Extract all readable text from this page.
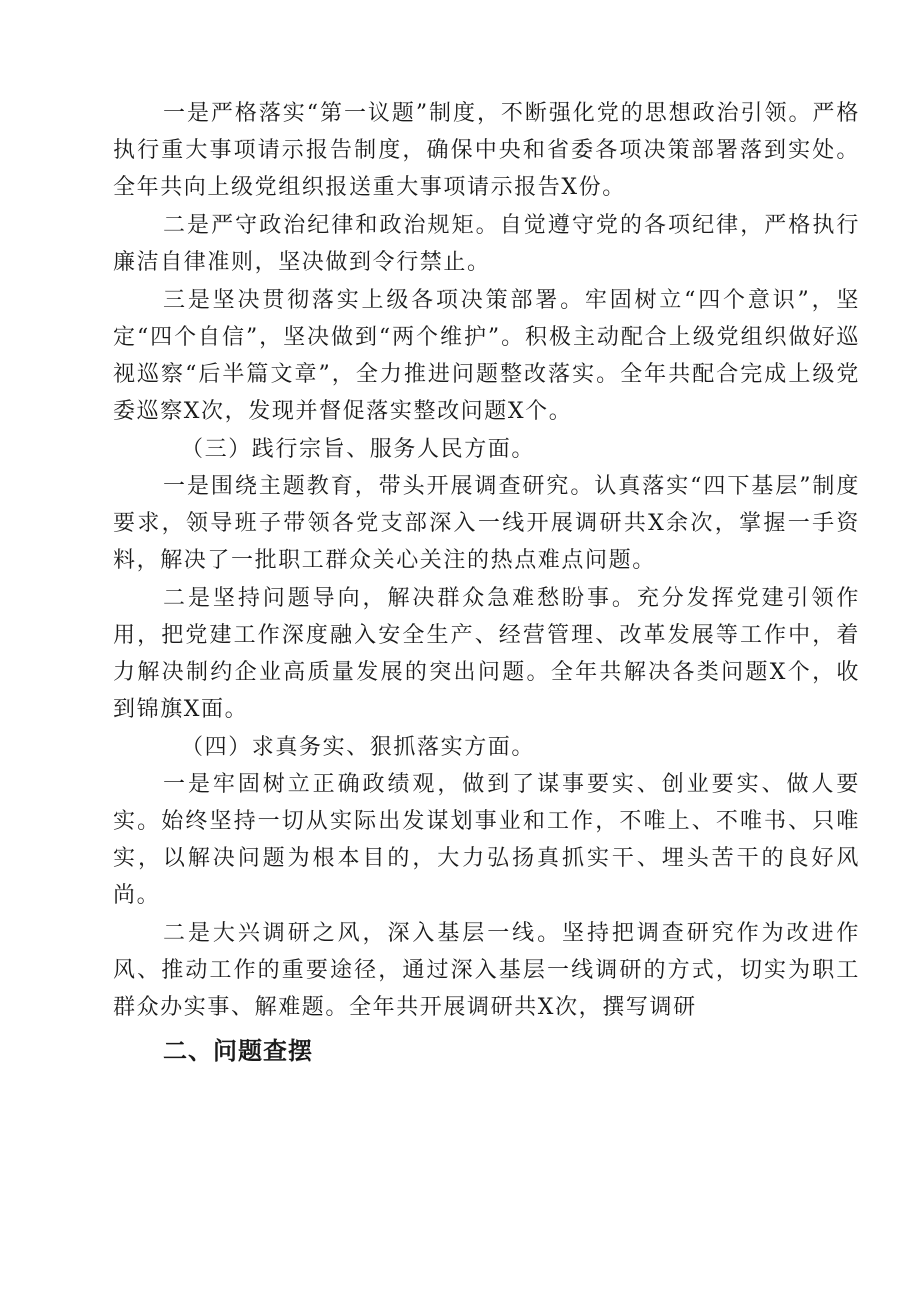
一是严格落实“第一议题”制度，不断强化党的思想政治引领。严格执行重大事项请示报告制度，确保中央和省委各项决策部署落到实处。全年共向上级党组织报送重大事项请示报告X份。

二是严守政治纪律和政治规矩。自觉遵守党的各项纪律，严格执行廉洁自律准则，坚决做到令行禁止。

三是坚决贯彻落实上级各项决策部署。牢固树立“四个意识”，坚定“四个自信”，坚决做到“两个维护”。积极主动配合上级党组织做好巡视巡察“后半篇文章”，全力推进问题整改落实。全年共配合完成上级党委巡察X次，发现并督促落实整改问题X个。

（三）践行宗旨、服务人民方面。

一是围绕主题教育，带头开展调查研究。认真落实“四下基层”制度要求，领导班子带领各党支部深入一线开展调研共X余次，掌握一手资料，解决了一批职工群众关心关注的热点难点问题。

二是坚持问题导向，解决群众急难愁盼事。充分发挥党建引领作用，把党建工作深度融入安全生产、经营管理、改革发展等工作中，着力解决制约企业高质量发展的突出问题。全年共解决各类问题X个，收到锦旗X面。

（四）求真务实、狠抓落实方面。

一是牢固树立正确政绩观，做到了谋事要实、创业要实、做人要实。始终坚持一切从实际出发谋划事业和工作，不唯上、不唯书、只唯实，以解决问题为根本目的，大力弘扬真抓实干、埋头苦干的良好风尚。

二是大兴调研之风，深入基层一线。坚持把调查研究作为改进作风、推动工作的重要途径，通过深入基层一线调研的方式，切实为职工群众办实事、解难题。全年共开展调研共X次，撰写调研

二、问题查摆
